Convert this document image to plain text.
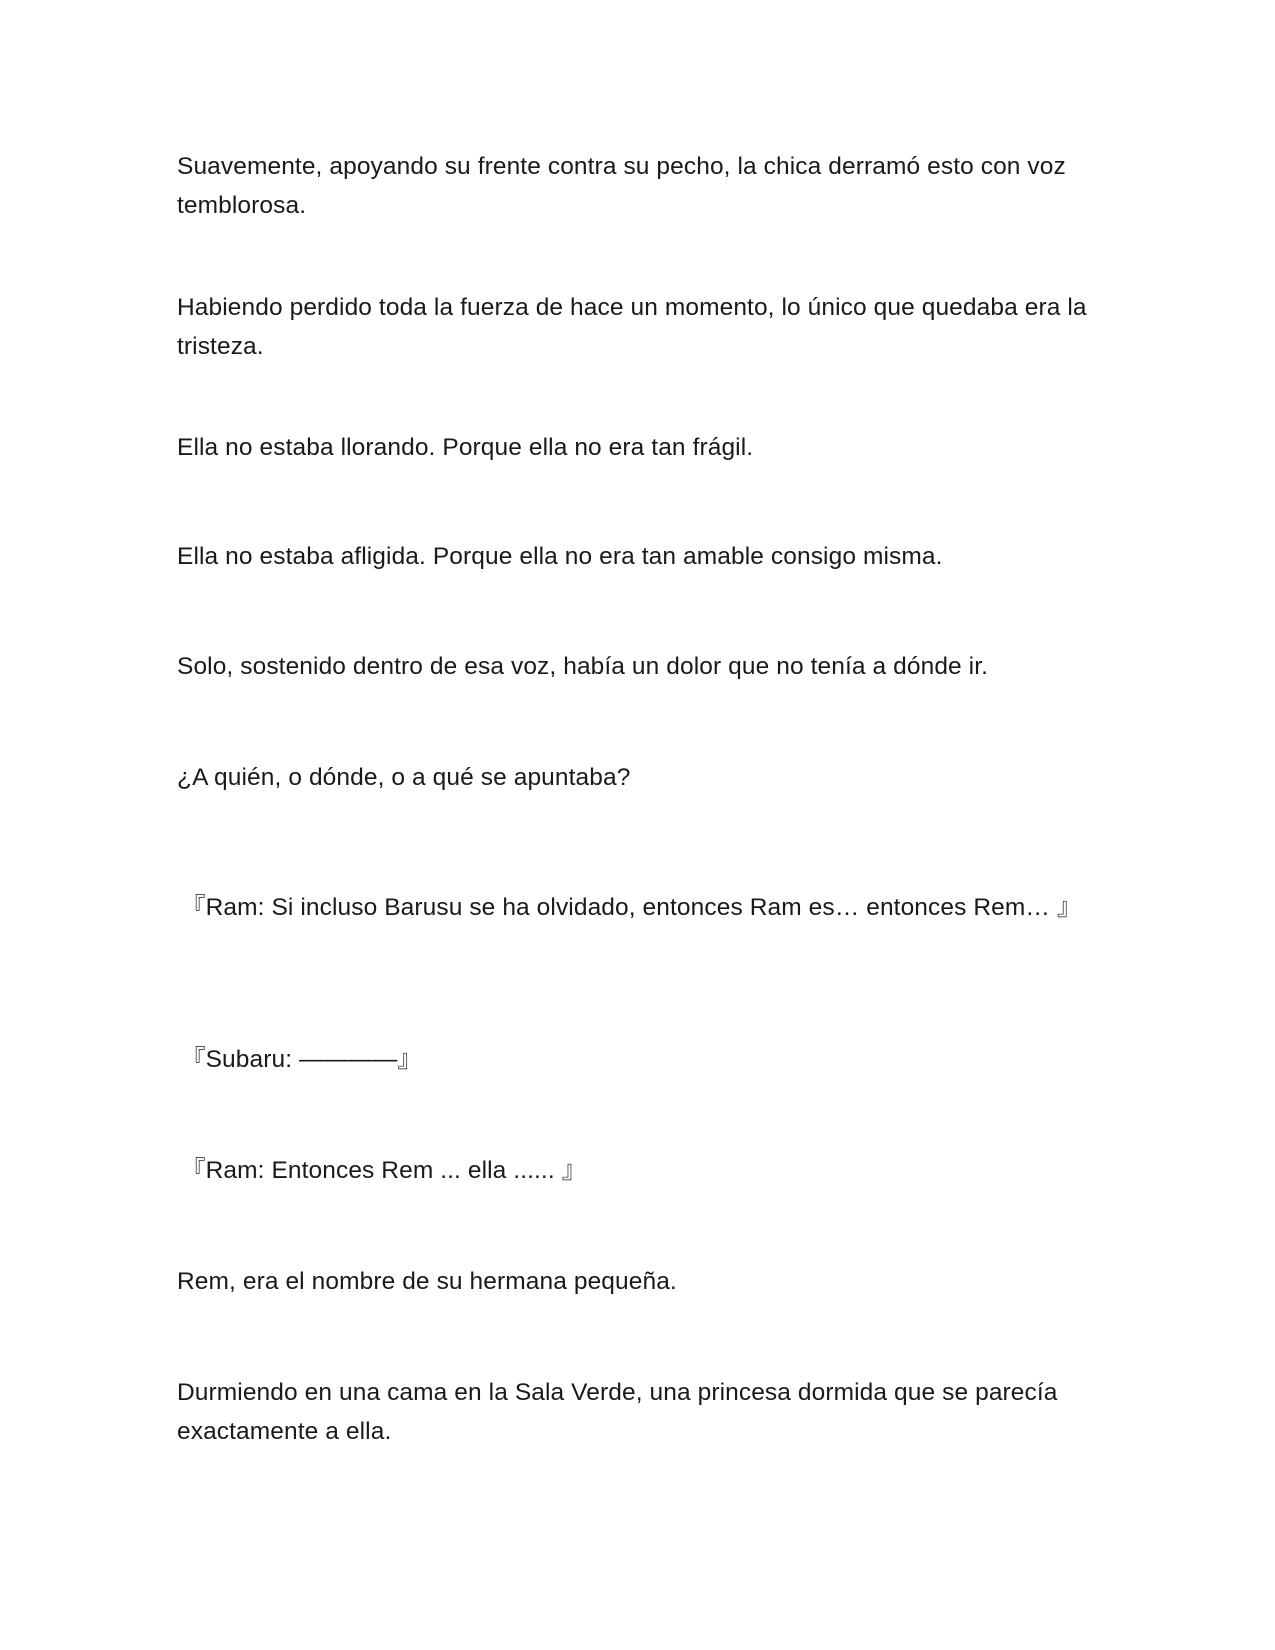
Suavemente, apoyando su frente contra su pecho, la chica derramó esto con voz temblorosa.

Habiendo perdido toda la fuerza de hace un momento, lo único que quedaba era la tristeza.

Ella no estaba llorando. Porque ella no era tan frágil.

Ella no estaba afligida. Porque ella no era tan amable consigo misma.

Solo, sostenido dentro de esa voz, había un dolor que no tenía a dónde ir.

¿A quién, o dónde, o a qué se apuntaba?

『Ram: Si incluso Barusu se ha olvidado, entonces Ram es… entonces Rem… 』

『Subaru: ————』

『Ram: Entonces Rem ... ella ...... 』

Rem, era el nombre de su hermana pequeña.

Durmiendo en una cama en la Sala Verde, una princesa dormida que se parecía exactamente a ella.
